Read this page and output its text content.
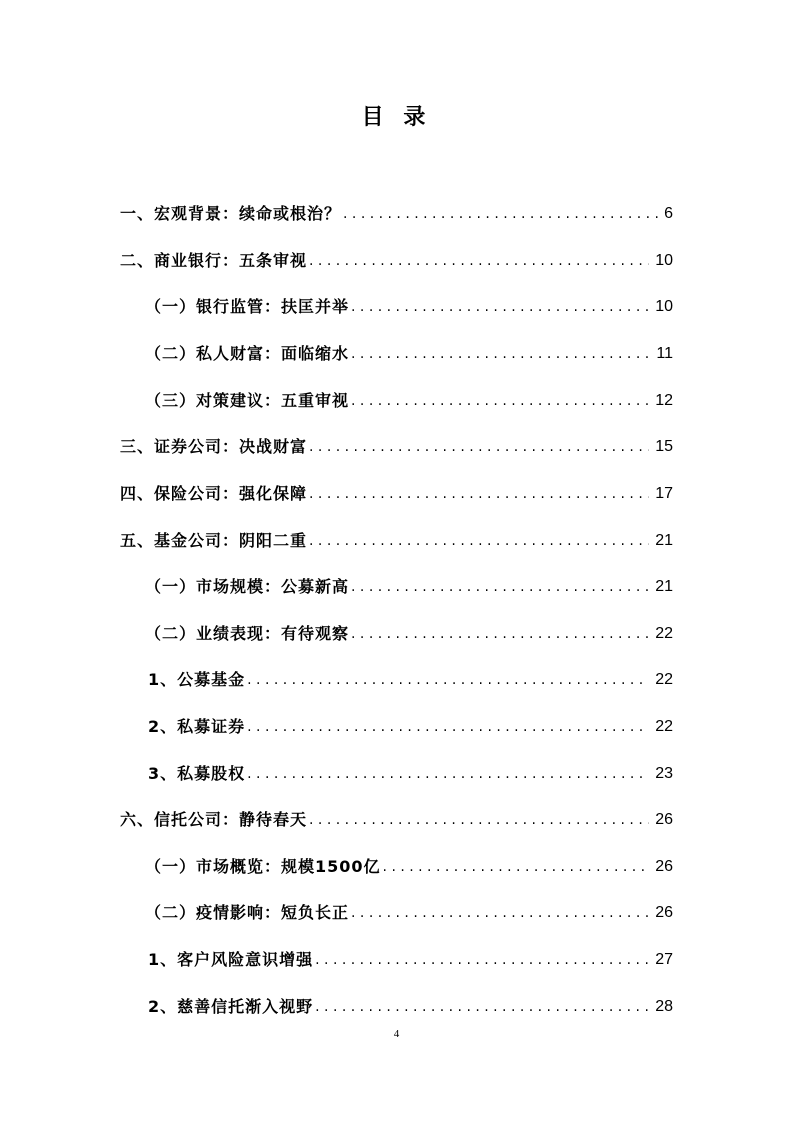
目 录
一、宏观背景：续命或根治？ . . .	6
二、商业银行：五条审视 . . .	10
（一）银行监管：扶匡并举 . . .	10
（二）私人财富：面临缩水 . . .	11
（三）对策建议：五重审视 . . .	12
三、证券公司：决战财富 . . .	15
四、保险公司：强化保障 . . .	17
五、基金公司：阴阳二重 . . .	21
（一）市场规模：公募新高 . . .	21
（二）业绩表现：有待观察 . . .	22
1、公募基金 . . .	22
2、私募证券 . . .	22
3、私募股权 . . .	23
六、信托公司：静待春天 . . .	26
（一）市场概览：规模1500亿 . . .	26
（二）疫情影响：短负长正 . . .	26
1、客户风险意识增强 . . .	27
2、慈善信托渐入视野 . . .	28
4
